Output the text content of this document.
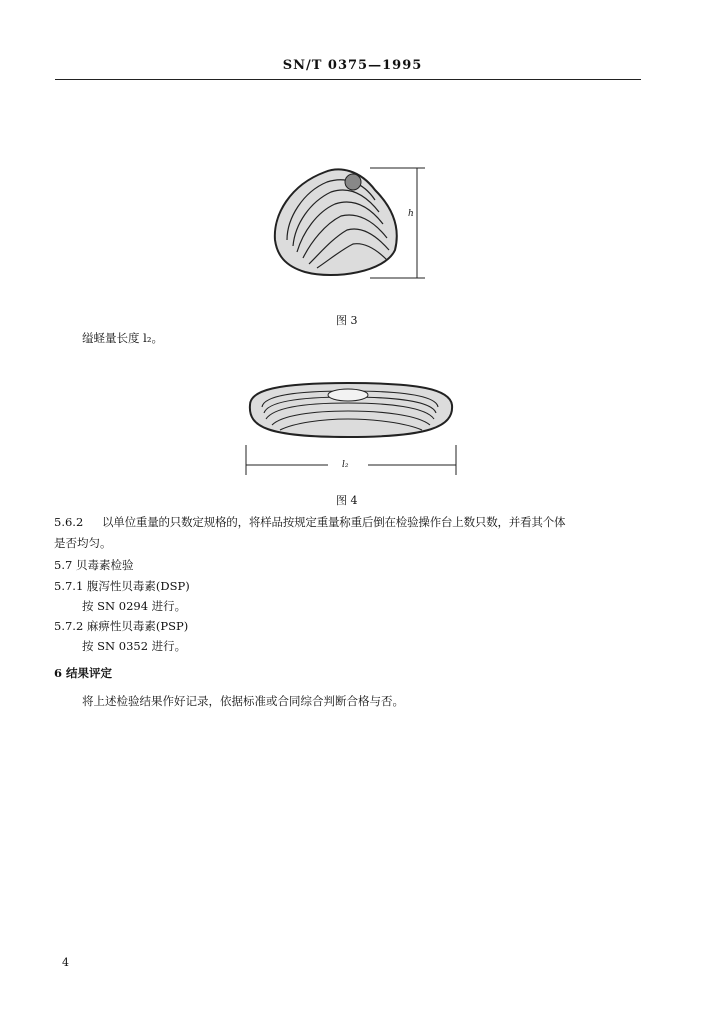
SN/T 0375—1995
h
图 3
缢蛏量长度 l₂。
l₂
图 4
5.6.2 以单位重量的只数定规格的，将样品按规定重量称重后倒在检验操作台上数只数，并看其个体
是否均匀。
5.7 贝毒素检验
5.7.1 腹泻性贝毒素(DSP)
按 SN 0294 进行。
5.7.2 麻痹性贝毒素(PSP)
按 SN 0352 进行。
6 结果评定
将上述检验结果作好记录，依据标准或合同综合判断合格与否。
4
